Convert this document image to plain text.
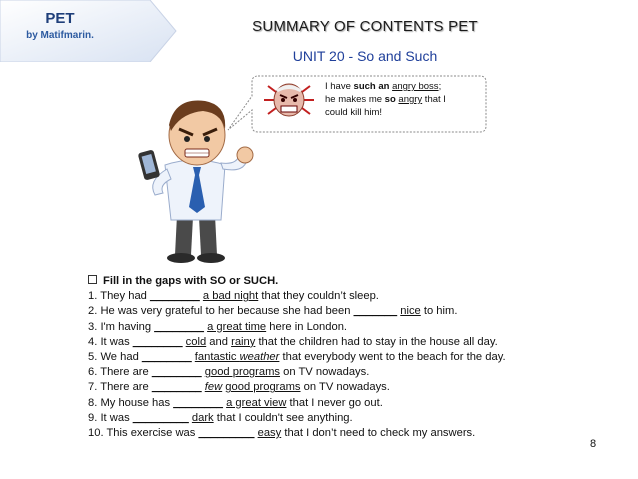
PET
by Matifmarin.
SUMMARY OF CONTENTS PET
UNIT 20 - So and Such
I have such an angry boss;
he makes me so angry that I
could kill him!
Fill in the gaps with SO or SUCH.
1. They had ________ a bad night that they couldn’t sleep.
2. He was very grateful to her because she had been _______ nice to him.
3. I'm having ________ a great time here in London.
4. It was ________ cold and rainy that the children had to stay in the house all day.
5. We had ________ fantastic weather that everybody went to the beach for the day.
6. There are ________ good programs on TV nowadays.
7. There are ________ few good programs on TV nowadays.
8. My house has ________ a great view that I never go out.
9. It was _________ dark that I couldn't see anything.
10. This exercise was _________ easy that I don’t need to check my answers.
8
